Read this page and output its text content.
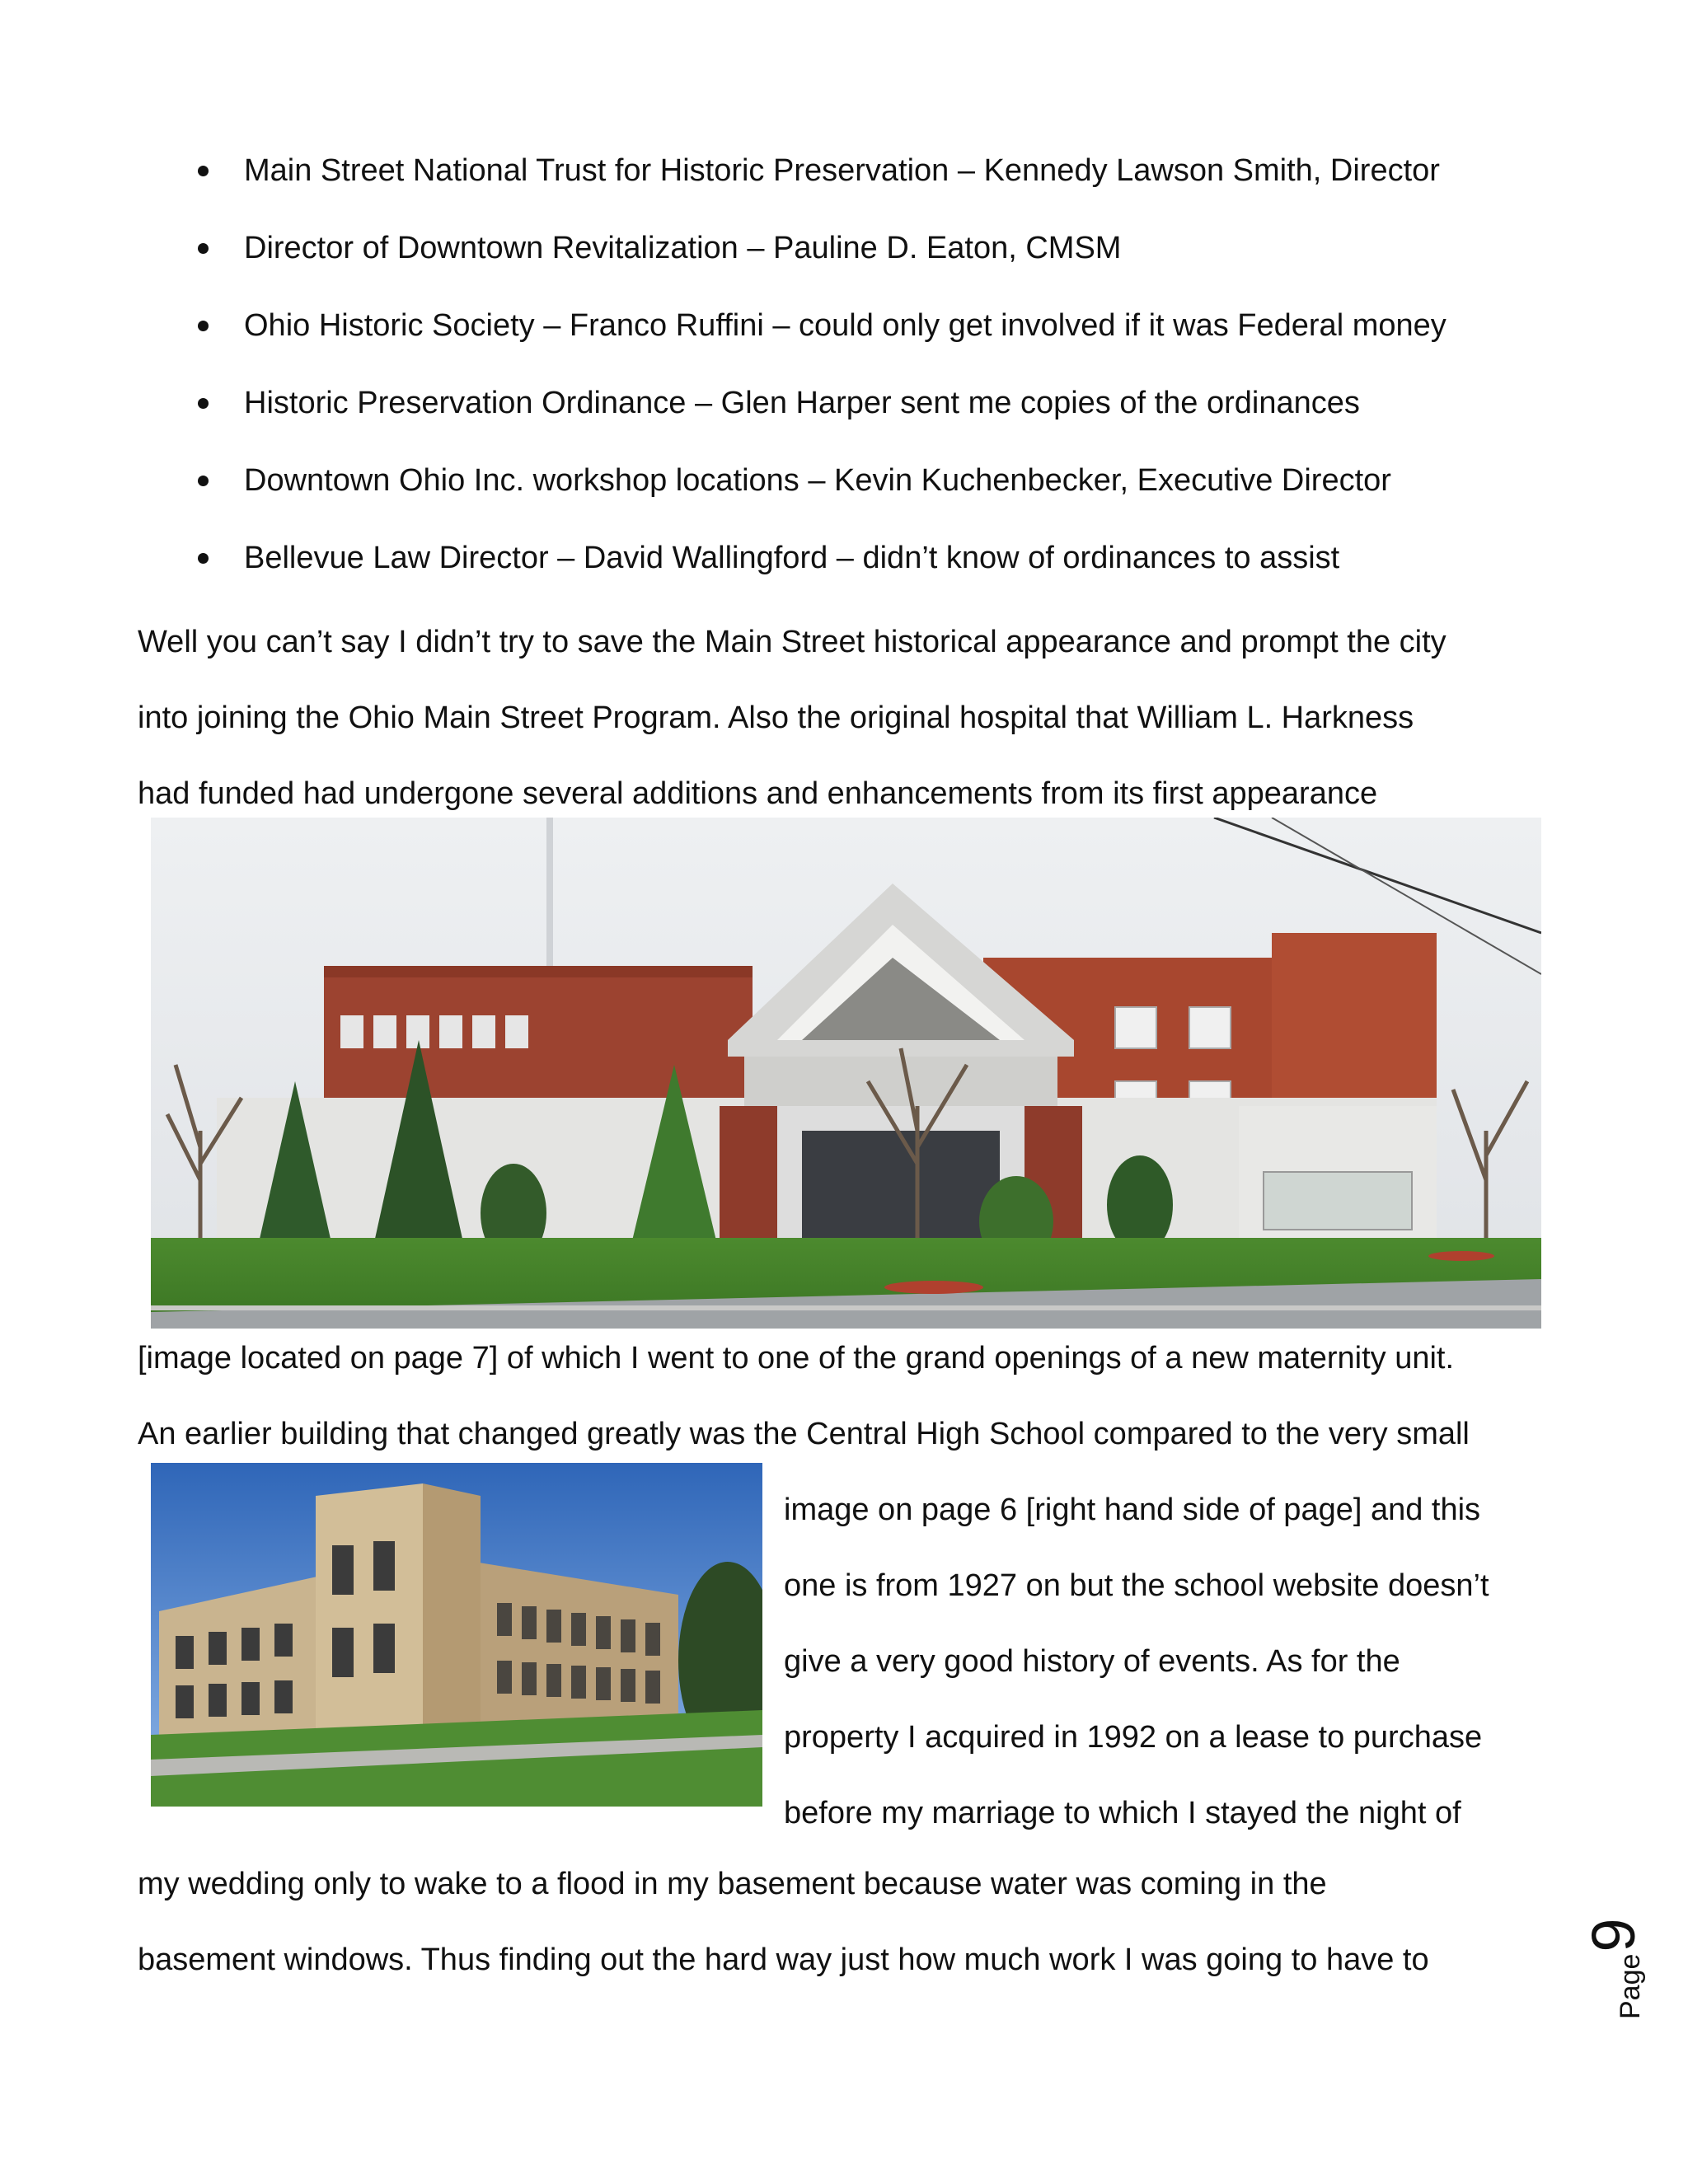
Main Street National Trust for Historic Preservation – Kennedy Lawson Smith, Director
Director of Downtown Revitalization – Pauline D. Eaton, CMSM
Ohio Historic Society – Franco Ruffini – could only get involved if it was Federal money
Historic Preservation Ordinance – Glen Harper sent me copies of the ordinances
Downtown Ohio Inc. workshop locations – Kevin Kuchenbecker, Executive Director
Bellevue Law Director – David Wallingford – didn’t know of ordinances to assist

Well you can’t say I didn’t try to save the Main Street historical appearance and prompt the city
into joining the Ohio Main Street Program. Also the original hospital that William L. Harkness
had funded had undergone several additions and enhancements from its first appearance

[image located on page 7] of which I went to one of the grand openings of a new maternity unit.
An earlier building that changed greatly was the Central High School compared to the very small

image on page 6 [right hand side of page] and this
one is from 1927 on but the school website doesn’t
give a very good history of events. As for the
property I acquired in 1992 on a lease to purchase
before my marriage to which I stayed the night of

my wedding only to wake to a flood in my basement because water was coming in the
basement windows. Thus finding out the hard way just how much work I was going to have to	Page
9
